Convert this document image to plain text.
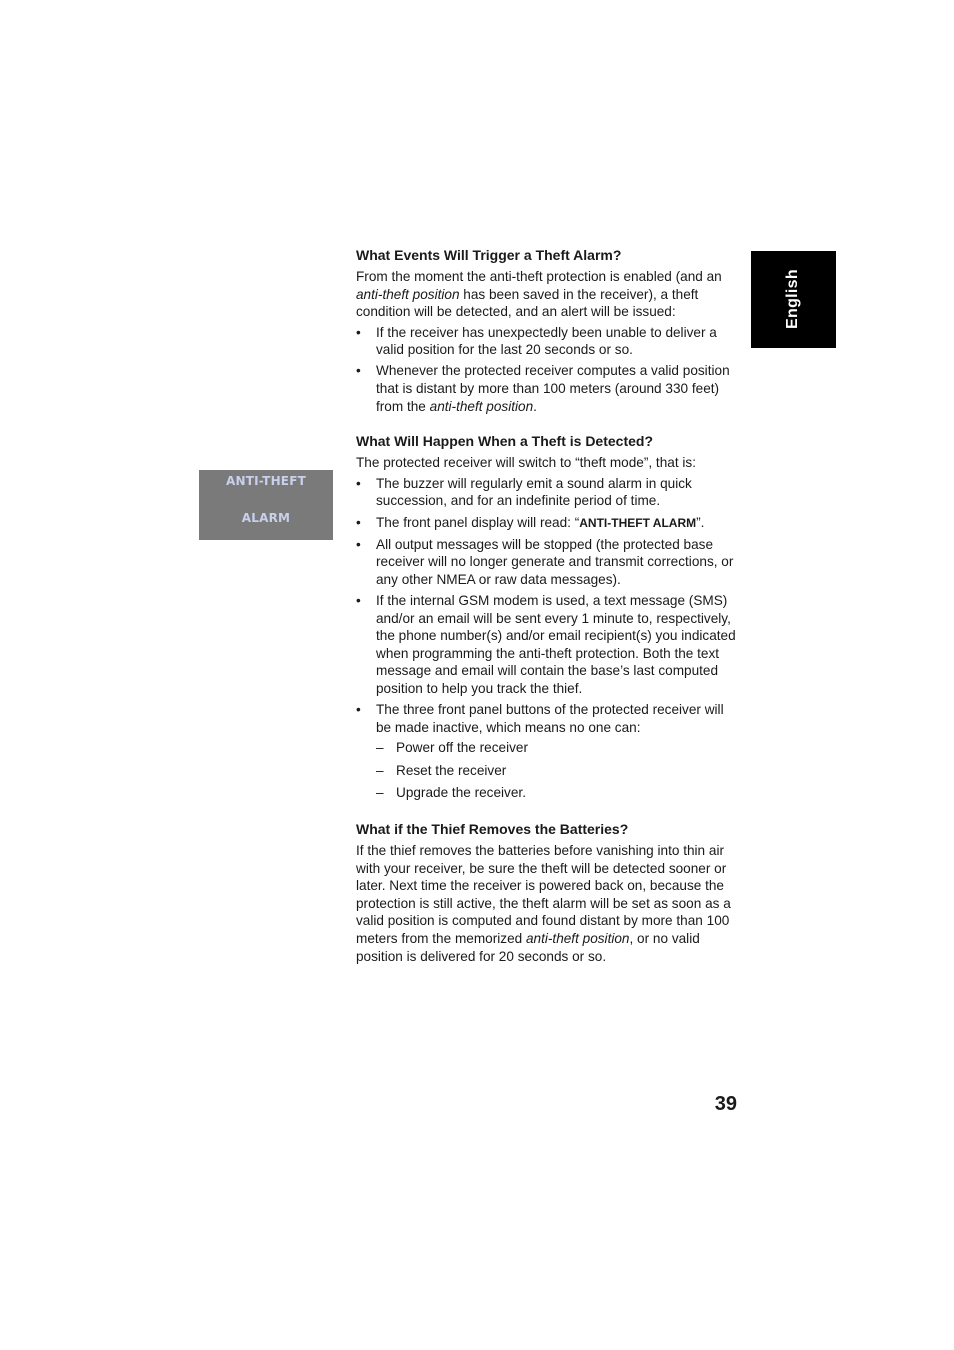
English
ANTI-THEFT
ALARM
What Events Will Trigger a Theft Alarm?

From the moment the anti-theft protection is enabled (and an anti-theft position has been saved in the receiver), a theft condition will be detected, and an alert will be issued:

• If the receiver has unexpectedly been unable to deliver a valid position for the last 20 seconds or so.
• Whenever the protected receiver computes a valid position that is distant by more than 100 meters (around 330 feet) from the anti-theft position.
What Will Happen When a Theft is Detected?

The protected receiver will switch to “theft mode”, that is:

• The buzzer will regularly emit a sound alarm in quick succession, and for an indefinite period of time.
• The front panel display will read: “ANTI-THEFT ALARM”.
• All output messages will be stopped (the protected base receiver will no longer generate and transmit corrections, or any other NMEA or raw data messages).
• If the internal GSM modem is used, a text message (SMS) and/or an email will be sent every 1 minute to, respectively, the phone number(s) and/or email recipient(s) you indicated when programming the anti-theft protection. Both the text message and email will contain the base’s last computed position to help you track the thief.
• The three front panel buttons of the protected receiver will be made inactive, which means no one can:
– Power off the receiver
– Reset the receiver
– Upgrade the receiver.
What if the Thief Removes the Batteries?

If the thief removes the batteries before vanishing into thin air with your receiver, be sure the theft will be detected sooner or later. Next time the receiver is powered back on, because the protection is still active, the theft alarm will be set as soon as a valid position is computed and found distant by more than 100 meters from the memorized anti-theft position, or no valid position is delivered for 20 seconds or so.

39
